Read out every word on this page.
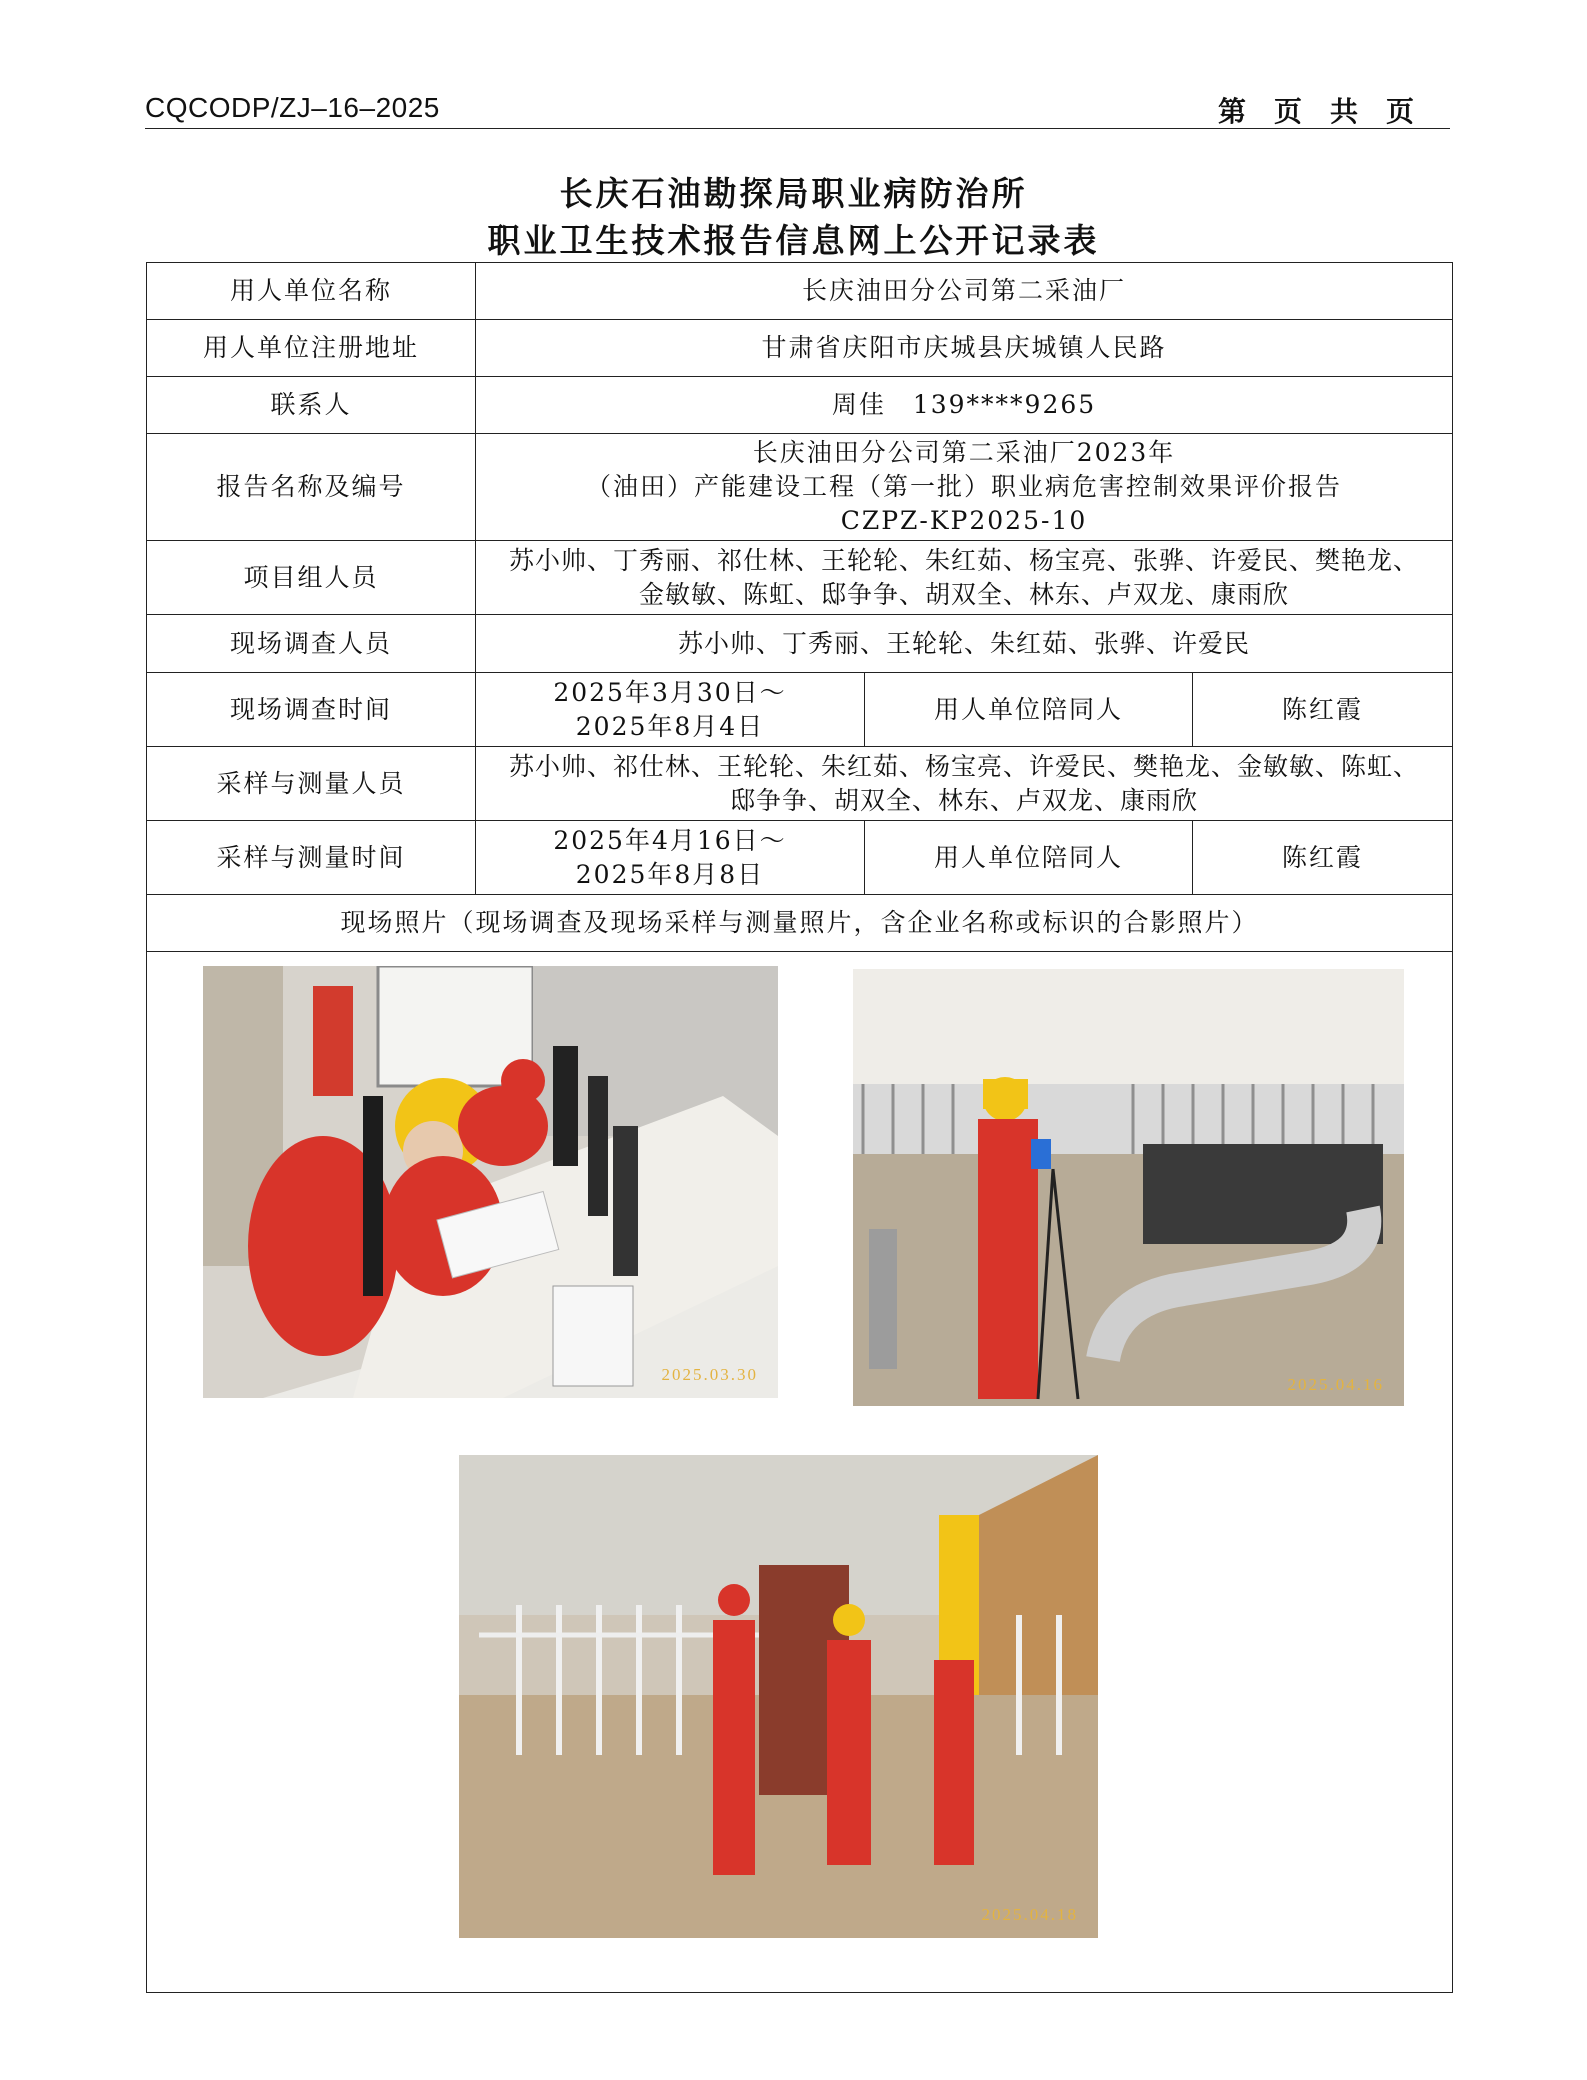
CQCODP/ZJ–16–2025	第页共页
长庆石油勘探局职业病防治所
职业卫生技术报告信息网上公开记录表
用人单位名称	长庆油田分公司第二采油厂		
用人单位注册地址	甘肃省庆阳市庆城县庆城镇人民路		
联系人	周佳　139****9265		
报告名称及编号	长庆油田分公司第二采油厂2023年
（油田）产能建设工程（第一批）职业病危害控制效果评价报告
CZPZ-KP2025-10		

项目组人员	苏小帅、丁秀丽、祁仕林、王轮轮、朱红茹、杨宝亮、张骅、许爱民、樊艳龙、
金敏敏、陈虹、邸争争、胡双全、林东、卢双龙、康雨欣		

现场调查人员	苏小帅、丁秀丽、王轮轮、朱红茹、张骅、许爱民		
现场调查时间	2025年3月30日～
2025年8月4日	用人单位陪同人	陈红霞
采样与测量人员	苏小帅、祁仕林、王轮轮、朱红茹、杨宝亮、许爱民、樊艳龙、金敏敏、陈虹、
邸争争、胡双全、林东、卢双龙、康雨欣		

采样与测量时间	2025年4月16日～
2025年8月8日	用人单位陪同人	陈红霞
现场照片（现场调查及现场采样与测量照片，含企业名称或标识的合影照片）			

2025.03.30
2025.04.16
2025.04.18			
